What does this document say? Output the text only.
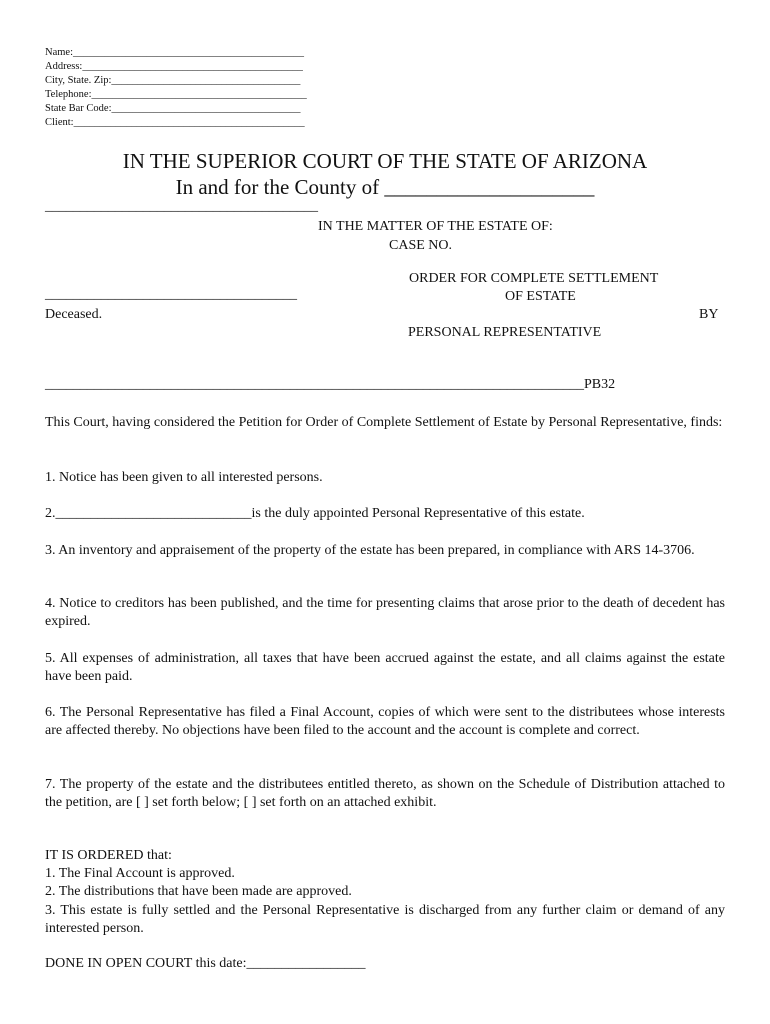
Name:____________________________________________
Address:__________________________________________
City, State. Zip:____________________________________
Telephone:_________________________________________
State Bar Code:____________________________________
Client:____________________________________________
IN THE SUPERIOR COURT OF THE STATE OF ARIZONA
In and for the County of ____________________
_______________________________________
IN THE MATTER OF THE ESTATE OF:
CASE NO.
ORDER FOR COMPLETE SETTLEMENT
OF ESTATE
____________________________________
Deceased.	BY
PERSONAL REPRESENTATIVE
_____________________________________________________________________________PB32
This Court, having considered the Petition for Order of Complete Settlement of Estate by Personal Representative, finds:
1. Notice has been given to all interested persons.
2.____________________________is the duly appointed Personal Representative of this estate.
3. An inventory and appraisement of the property of the estate has been prepared, in compliance with ARS 14-3706.
4. Notice to creditors has been published, and the time for presenting claims that arose prior to the death of decedent has expired.
5. All expenses of administration, all taxes that have been accrued against the estate, and all claims against the estate have been paid.
6. The Personal Representative has filed a Final Account, copies of which were sent to the distributees whose interests are affected thereby. No objections have been filed to the account and the account is complete and correct.
7. The property of the estate and the distributees entitled thereto, as shown on the Schedule of Distribution attached to the petition, are [ ] set forth below; [ ] set forth on an attached exhibit.
IT IS ORDERED that:
1. The Final Account is approved.
2. The distributions that have been made are approved.
3. This estate is fully settled and the Personal Representative is discharged from any further claim or demand of any interested person.
DONE IN OPEN COURT this date:_________________
